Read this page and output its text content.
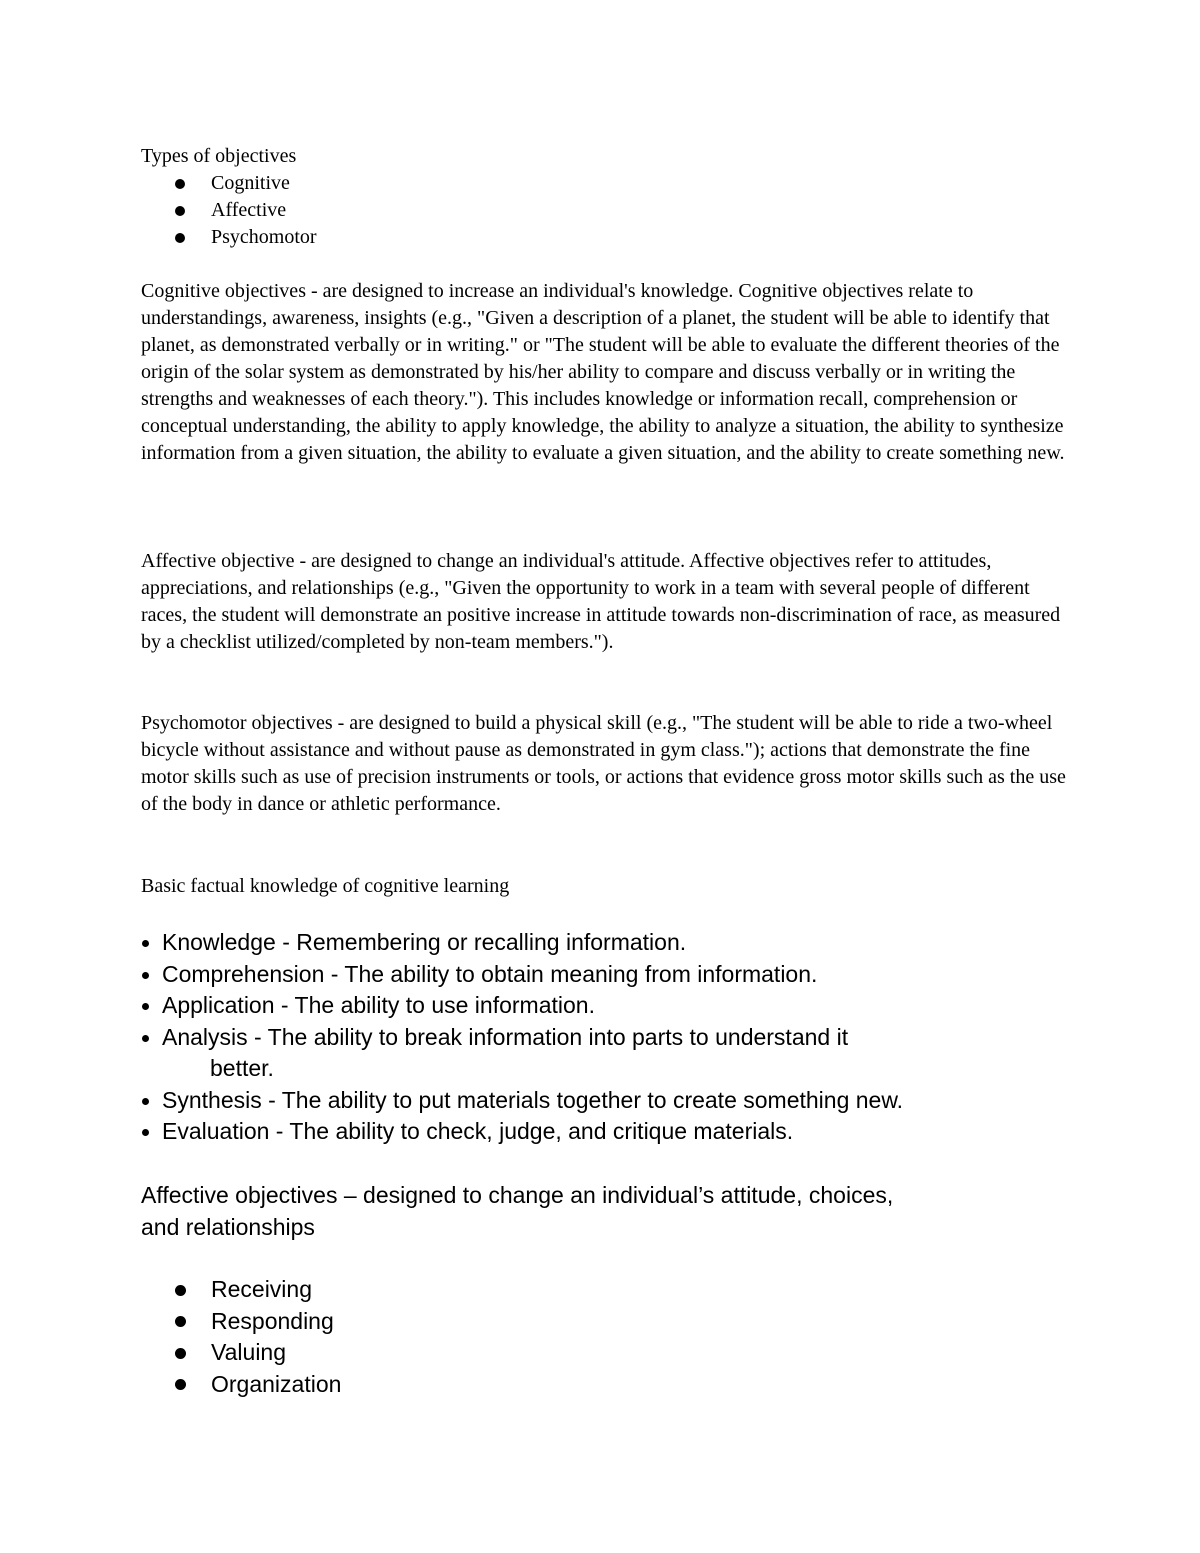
Types of objectives

Cognitive
Affective
Psychomotor

Cognitive objectives - are designed to increase an individual's knowledge. Cognitive objectives relate to understandings, awareness, insights (e.g., "Given a description of a planet, the student will be able to identify that planet, as demonstrated verbally or in writing." or "The student will be able to evaluate the different theories of the origin of the solar system as demonstrated by his/her ability to compare and discuss verbally or in writing the strengths and weaknesses of each theory."). This includes knowledge or information recall, comprehension or conceptual understanding, the ability to apply knowledge, the ability to analyze a situation, the ability to synthesize information from a given situation, the ability to evaluate a given situation, and the ability to create something new.

Affective objective - are designed to change an individual's attitude. Affective objectives refer to attitudes, appreciations, and relationships (e.g., "Given the opportunity to work in a team with several people of different races, the student will demonstrate an positive increase in attitude towards non-discrimination of race, as measured by a checklist utilized/completed by non-team members.").

Psychomotor objectives - are designed to build a physical skill (e.g., "The student will be able to ride a two-wheel bicycle without assistance and without pause as demonstrated in gym class."); actions that demonstrate the fine motor skills such as use of precision instruments or tools, or actions that evidence gross motor skills such as the use of the body in dance or athletic performance.

Basic factual knowledge of cognitive learning

Knowledge - Remembering or recalling information.
Comprehension - The ability to obtain meaning from information.
Application - The ability to use information.
Analysis - The ability to break information into parts to understand it
better.
Synthesis - The ability to put materials together to create something new.
Evaluation - The ability to check, judge, and critique materials.

Affective objectives – designed to change an individual’s attitude, choices,

and relationships

Receiving
Responding
Valuing
Organization
